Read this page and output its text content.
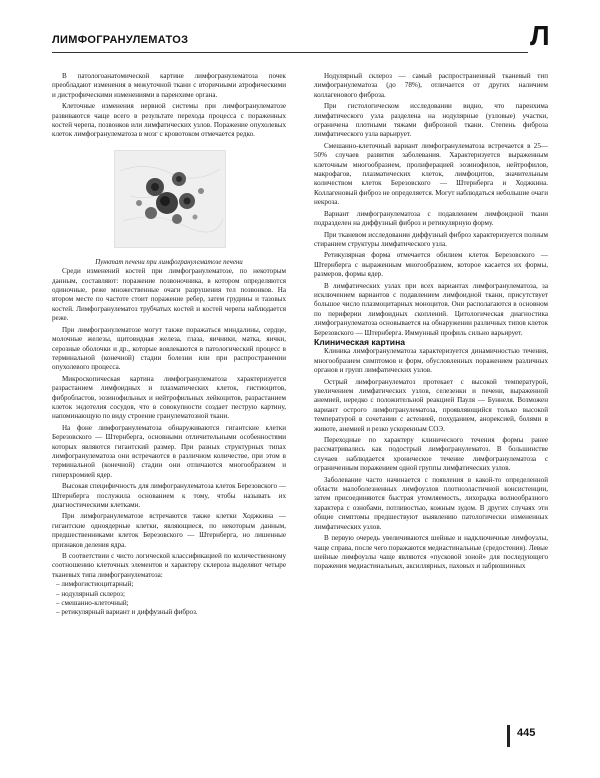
ЛИМФОГРАНУЛЕМАТОЗ	Л

В патологоанатомической картине лимфогранулематоза почек преобладают изменения в межуточной ткани с вторичными атрофическими и дистрофическими изменениями в паренхиме органа.

Клеточные изменения нервной системы при лимфогранулематозе развиваются чаще всего в результате перехода процесса с пораженных костей черепа, позвонков или лимфатических узлов. Поражение опухолевых клеток лимфогранулематоза в мозг с кровотоком отмечается редко.

Пунктат печени при лимфогранулематозе печени

Среди изменений костей при лимфогранулематозе, по некоторым данным, составляют: поражение позвоночника, в котором определяются одиночные, реже множественные очаги разрушения тел позвонков. На втором месте по частоте стоит поражение ребер, затем грудины и тазовых костей. Лимфогранулематоз трубчатых костей и костей черепа наблюдается реже.

При лимфогранулематозе могут также поражаться миндалины, сердце, молочные железы, щитовидная железа, глаза, яичники, матка, яички, серозные оболочки и др., которые вовлекаются в патологический процесс в терминальной (конечной) стадии болезни или при распространении опухолевого процесса.

Микроскопическая картина лимфогранулематоза характеризуется разрастанием лимфоидных и плазматических клеток, гистиоцитов, фибробластов, эозинофильных и нейтрофильных лейкоцитов, разрастанием клеток эндотелия сосудов, что в совокупности создает пеструю картину, напоминающую по виду строение гранулематозной ткани.

На фоне лимфогранулематоза обнаруживаются гигантские клетки Березовского — Штернберга, основными отличительными особенностями которых являются гигантский размер. При разных структурных типах лимфогранулематоза они встречаются в различном количестве, при этом в терминальной (конечной) стадии они отличаются многообразием и гиперхромией ядер.

Высокая специфичность для лимфогранулематоза клеток Березовского — Штернберга послужила основанием к тому, чтобы называть их диагностическими клетками.

При лимфогранулематозе встречаются также клетки Ходжкина — гигантские одноядерные клетки, являющиеся, по некоторым данным, предшественниками клеток Березовского — Штернберга, но лишенные признаков деления ядра.

В соответствии с чисто логической классификацией по количественному соотношению клеточных элементов и характеру склероза выделяют четыре тканевых типа лимфогранулематоза:

– лимфогистиоцитарный;
– нодулярный склероз;
– смешанно-клеточный;
– ретикулярный вариант и диффузный фиброз.

Нодулярный склероз — самый распространенный тканевый тип лимфогранулематоза (до 78%), отличается от других наличием коллагенового фиброза.

При гистологическом исследовании видно, что паренхима лимфатического узла разделена на нодулярные (узловые) участки, ограничена плотными тяжами фиброзной ткани. Степень фиброза лимфатического узла варьирует.

Смешанно-клеточный вариант лимфогранулематоза встречается в 25—50% случаев развития заболевания. Характеризуется выраженным клеточным многообразием, пролиферацией эозинофилов, нейтрофилов, макрофагов, плазматических клеток, лимфоцитов, значительным количеством клеток Березовского — Штернберга и Ходжкина. Коллагеновый фиброз не определяется. Могут наблюдаться небольшие очаги некроза.

Вариант лимфогранулематоза с подавлением лимфоидной ткани подразделен на диффузный фиброз и ретикулярную форму.

При тканевом исследовании диффузный фиброз характеризуется полным стиранием структуры лимфатического узла.

Ретикулярная форма отмечается обилием клеток Березовского — Штернберга с выраженным многообразием, которое касается их формы, размеров, формы ядер.

В лимфатических узлах при всех вариантах лимфогранулематоза, за исключением вариантов с подавлением лимфоидной ткани, присутствует большое число плазмоцитарных моноцитов. Они располагаются в основном по периферии лимфоидных скоплений. Цитологическая диагностика лимфогранулематоза основывается на обнаружении различных типов клеток Березовского — Штернберга. Иммунный профиль сильно варьирует.

Клиническая картина

Клиника лимфогранулематоза характеризуется динамичностью течения, многообразием симптомов и форм, обусловленных поражением различных органов и групп лимфатических узлов.

Острый лимфогранулематоз протекает с высокой температурой, увеличением лимфатических узлов, селезенки и печени, выраженной анемией, нередко с положительной реакцией Пауля — Буннеля. Возможен вариант острого лимфогранулематоза, проявляющийся только высокой температурой в сочетании с астенией, похуданием, анорексией, болями в животе, анемией и резко ускоренным СОЭ.

Переходные по характеру клинического течения формы ранее рассматривались как подострый лимфогранулематоз. В большинстве случаев наблюдается хроническое течение лимфогранулематоза с ограниченным поражением одной группы лимфатических узлов.

Заболевание часто начинается с появления в какой-то определенной области малоболезненных лимфоузлов плотноэластичной консистенции, затем присоединяются быстрая утомляемость, лихорадка волнообразного характера с ознобами, потливостью, кожным зудом. В других случаях эти общие симптомы предшествуют выявлению патологически измененных лимфатических узлов.

В первую очередь увеличиваются шейные и надключичные лимфоузлы, чаще справа, после чего поражаются медиастинальные (средостения). Левые шейные лимфоузлы чаще являются «пусковой зоной» для последующего поражения медиастинальных, аксиллярных, паховых и забрюшинных

445
